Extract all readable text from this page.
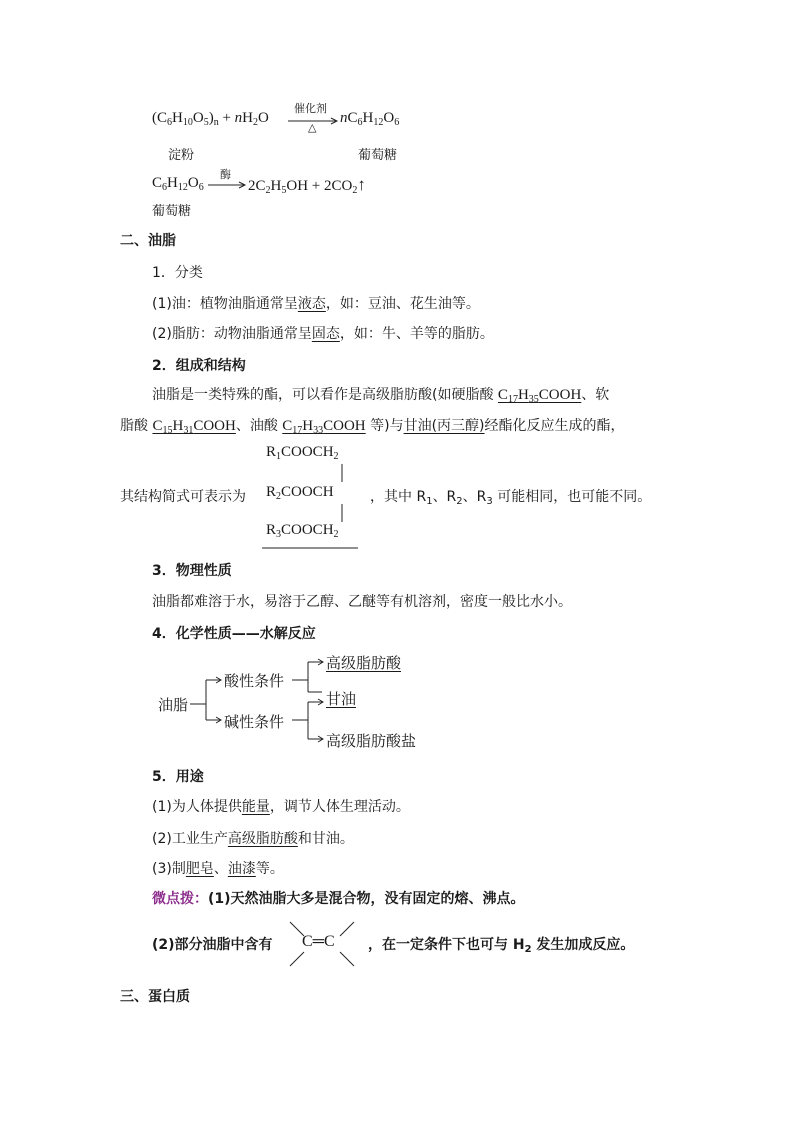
$(C_6H_{10}O_5)_n + nH_2O$
催化剂
△
$nC_6H_{12}O_6$
淀粉	葡萄糖
$C_6H_{12}O_6$
酶
$2C_2H_5OH$ + $2CO_2↑$
葡萄糖
二、油脂
1．分类
(1)油：植物油脂通常呈液态，如：豆油、花生油等。
(2)脂肪：动物油脂通常呈固态，如：牛、羊等的脂肪。
2．组成和结构
油脂是一类特殊的酯，可以看作是高级脂肪酸(如硬脂酸 $C_{17}H_{35}COOH$、软
脂酸 $C_{15}H_{31}COOH$、油酸 $C_{17}H_{33}COOH$ 等)与甘油(丙三醇)经酯化反应生成的酯，
其结构简式可表示为
$R_1COOCH_2$
$R_2COOCH$
$R_3COOCH_2$
，其中 $R_1$、$R_2$、$R_3$ 可能相同，也可能不同。
3．物理性质
油脂都难溶于水，易溶于乙醇、乙醚等有机溶剂，密度一般比水小。
4．化学性质——水解反应
油脂
酸性条件
碱性条件
高级脂肪酸
甘油
高级脂肪酸盐
5．用途
(1)为人体提供能量，调节人体生理活动。
(2)工业生产高级脂肪酸和甘油。
(3)制肥皂、油漆等。
微点拨：(1)天然油脂大多是混合物，没有固定的熔、沸点。
(2)部分油脂中含有 C═C ，在一定条件下也可与 $H_2$ 发生加成反应。
三、蛋白质
